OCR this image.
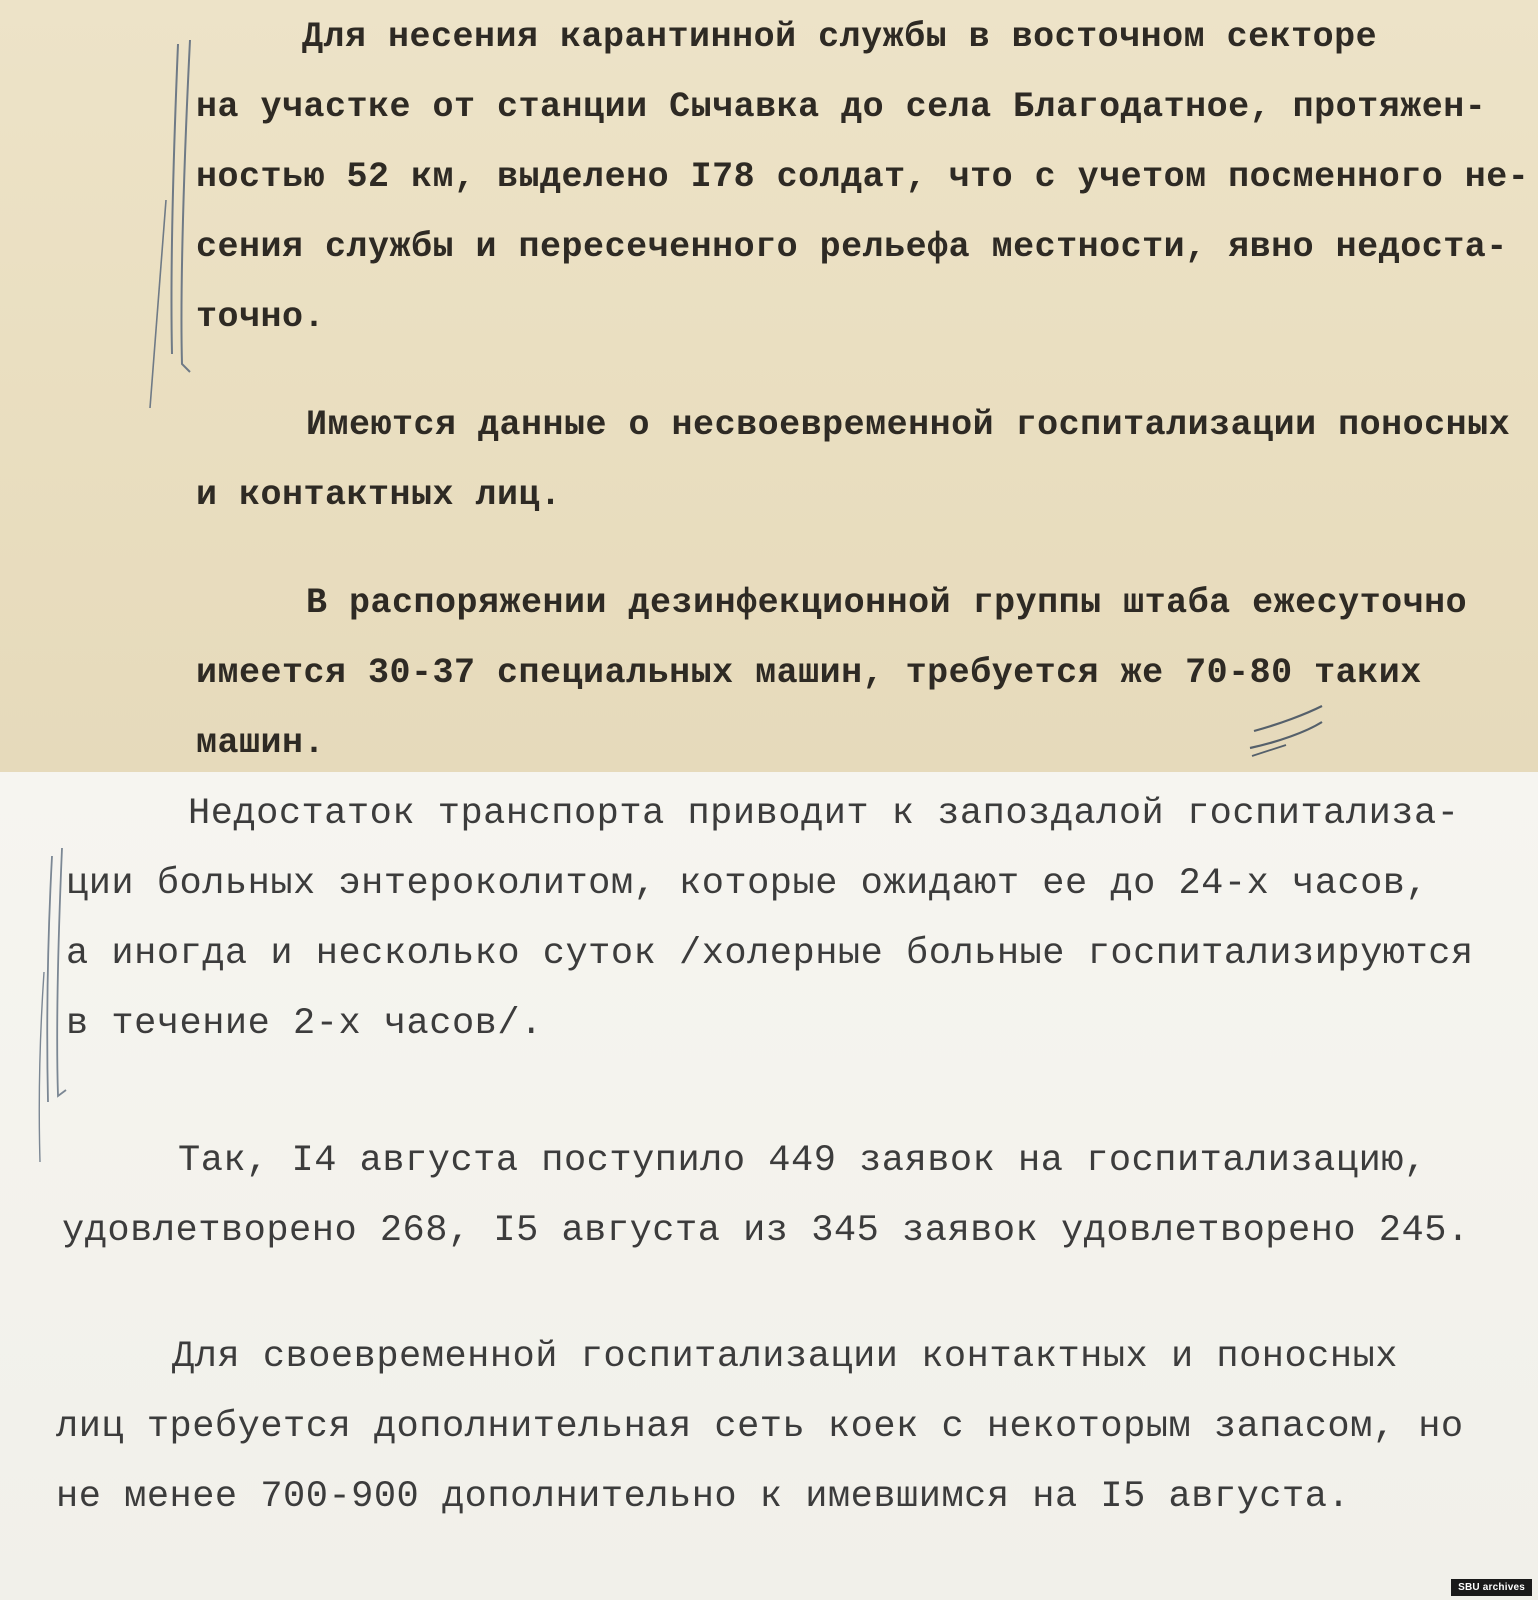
Для несения карантинной службы в восточном секторе
на участке от станции Сычавка до села Благодатное, протяжен-
ностью 52 км, выделено I78 солдат, что с учетом посменного не-
сения службы и пересеченного рельефа местности, явно недоста-
точно.
Имеются данные о несвоевременной госпитализации поносных
и контактных лиц.
В распоряжении дезинфекционной группы штаба ежесуточно
имеется 30-37 специальных машин, требуется же 70-80 таких
машин.
Недостаток транспорта приводит к запоздалой госпитализа-
ции больных энтероколитом, которые ожидают ее до 24-х часов,
а иногда и несколько суток /холерные больные госпитализируются
в течение 2-х часов/.
Так, I4 августа поступило 449 заявок на госпитализацию,
удовлетворено 268, I5 августа из 345 заявок удовлетворено 245.
Для своевременной госпитализации контактных и поносных
лиц требуется дополнительная сеть коек с некоторым запасом, но
не менее 700-900 дополнительно к имевшимся на I5 августа.
SBU archives
